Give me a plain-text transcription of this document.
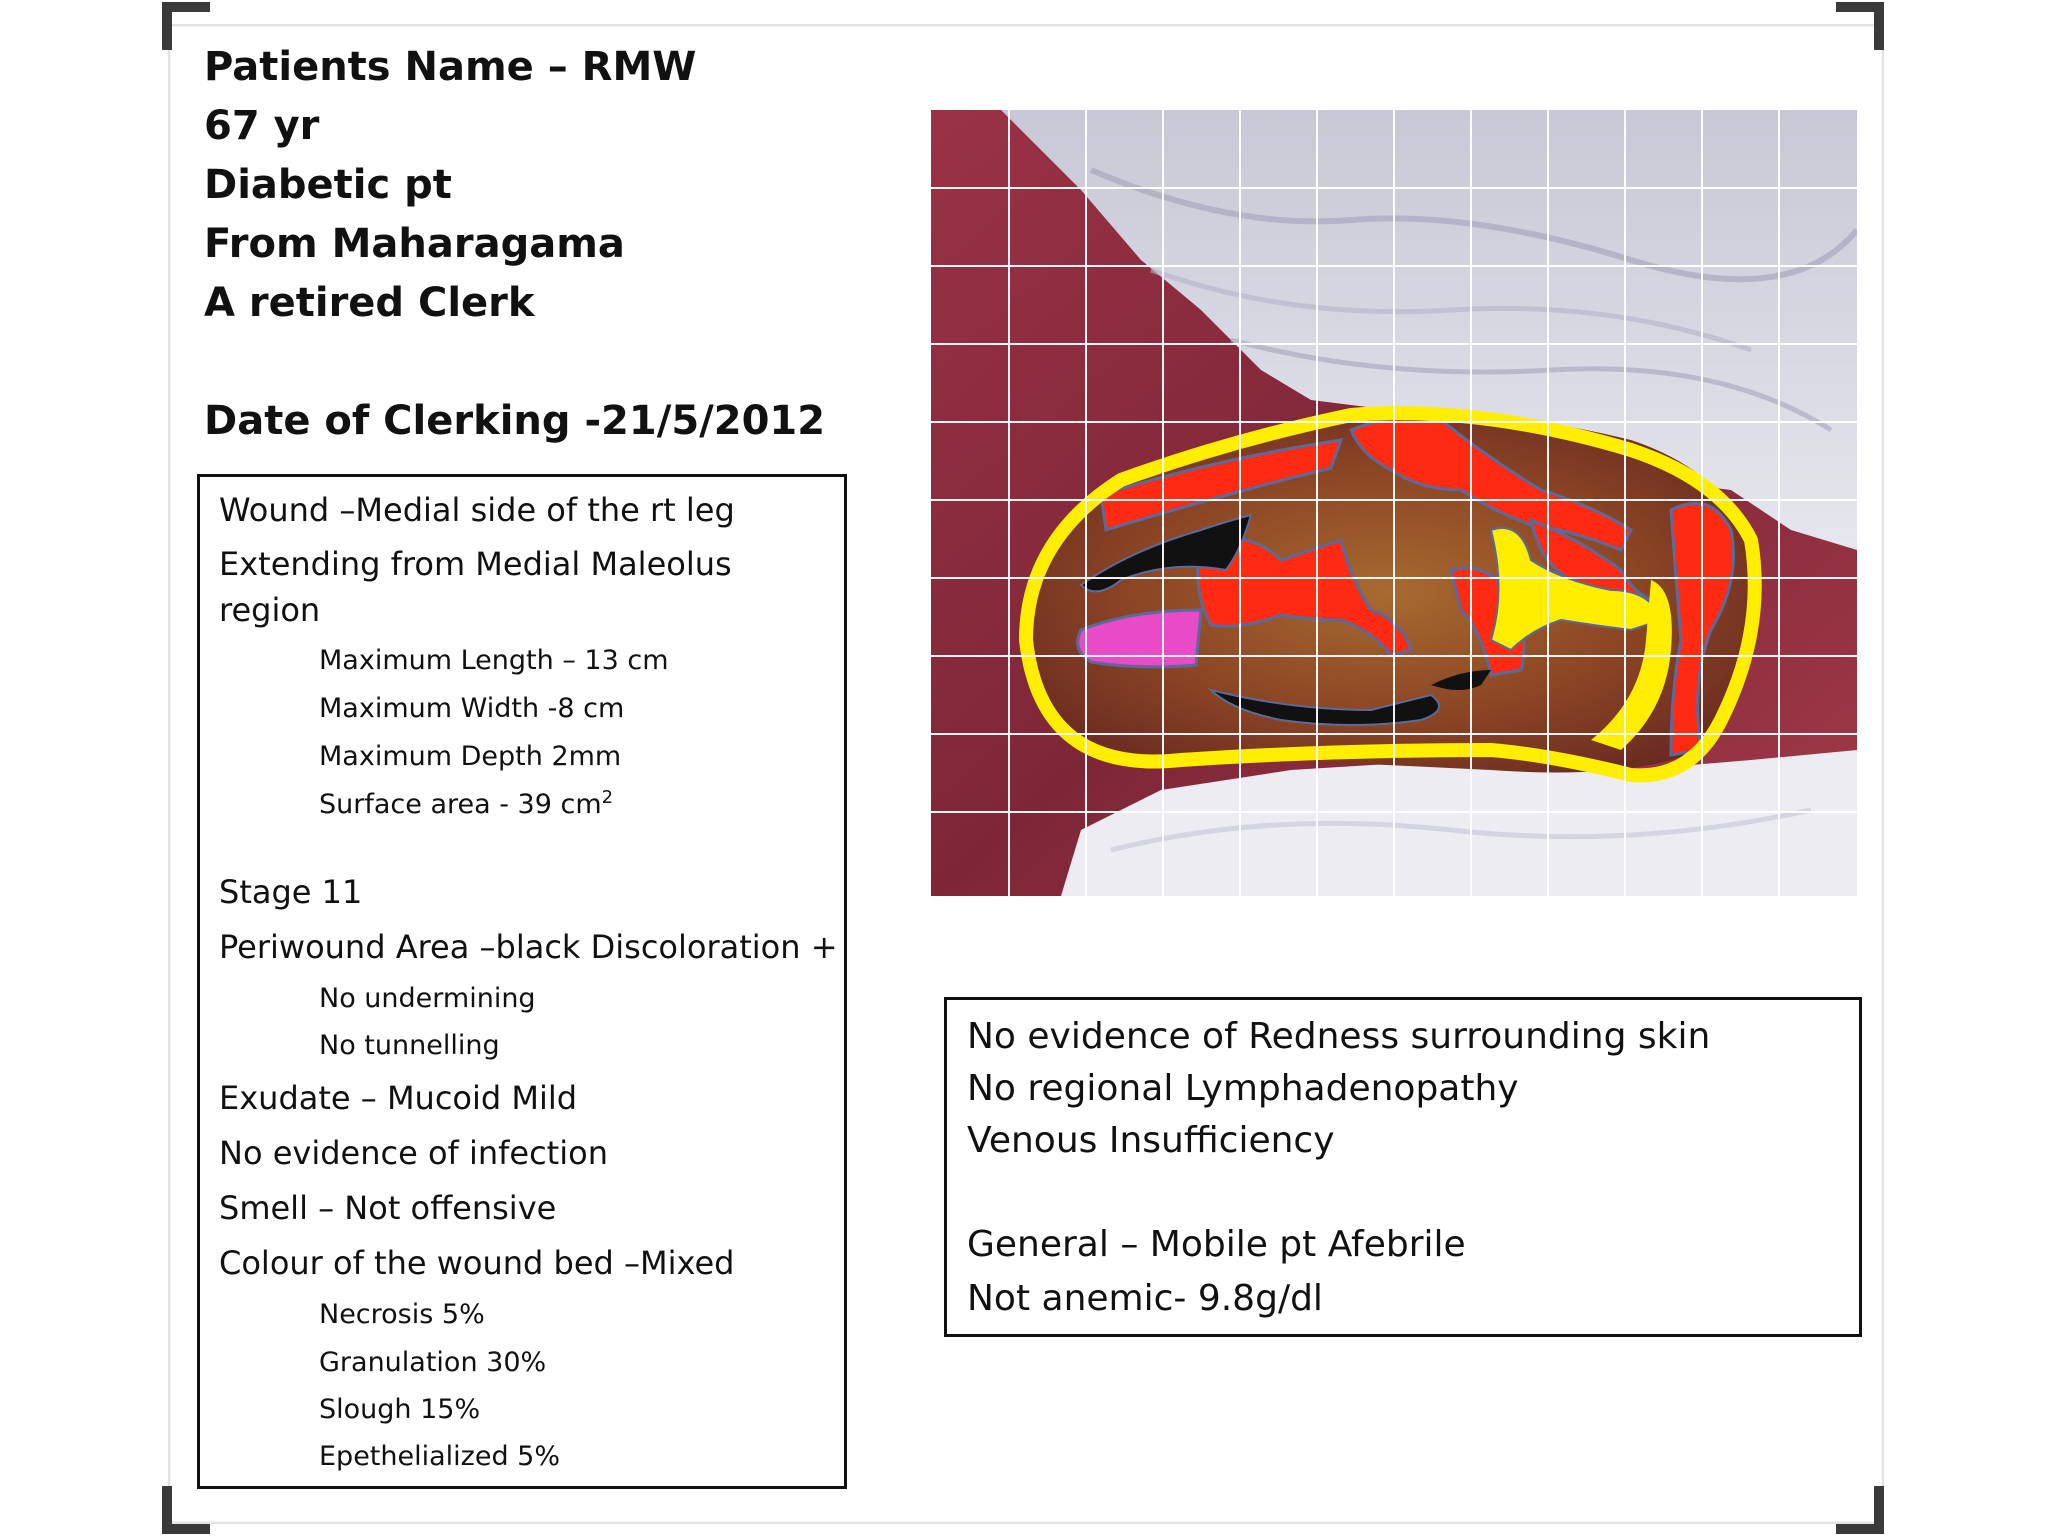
Patients Name – RMW
67 yr
Diabetic pt
From Maharagama
A retired Clerk
Date of Clerking -21/5/2012
Wound –Medial side of the rt leg
Extending from Medial Maleolus
region
Maximum Length – 13 cm
Maximum Width -8 cm
Maximum Depth 2mm
Surface area - 39 $cm^2$
Stage 11
Periwound Area –black Discoloration +
No undermining
No tunnelling
Exudate – Mucoid Mild
No evidence of infection
Smell – Not offensive
Colour of the wound bed –Mixed
Necrosis 5%
Granulation 30%
Slough 15%
Epethelialized 5%
No evidence of Redness surrounding skin
No regional Lymphadenopathy
Venous Insufficiency
General – Mobile pt Afebrile
Not anemic- 9.8g/dl
